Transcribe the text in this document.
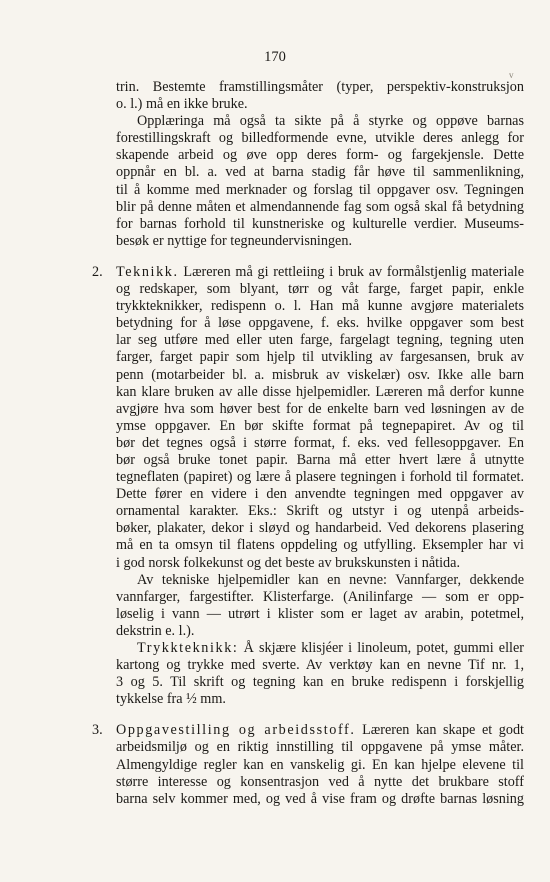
170
v
trin. Bestemte framstillingsmåter (typer, perspektiv-konstruksjon
o. l.) må en ikke bruke.
Opplæringa må også ta sikte på å styrke og oppøve barnas
forestillingskraft og billedformende evne, utvikle deres anlegg for
skapende arbeid og øve opp deres form- og fargekjensle. Dette
oppnår en bl. a. ved at barna stadig får høve til sammenlikning,
til å komme med merknader og forslag til oppgaver osv. Tegningen
blir på denne måten et almendannende fag som også skal få betydning
for barnas forhold til kunstneriske og kulturelle verdier. Museums-
besøk er nyttige for tegneundervisningen.
2. Teknikk. Læreren må gi rettleiing i bruk av formålstjenlig materiale
og redskaper, som blyant, tørr og våt farge, farget papir, enkle
trykkteknikker, redispenn o. l. Han må kunne avgjøre materialets
betydning for å løse oppgavene, f. eks. hvilke oppgaver som best
lar seg utføre med eller uten farge, fargelagt tegning, tegning uten
farger, farget papir som hjelp til utvikling av fargesansen, bruk av
penn (motarbeider bl. a. misbruk av viskelær) osv. Ikke alle barn
kan klare bruken av alle disse hjelpemidler. Læreren må derfor kunne
avgjøre hva som høver best for de enkelte barn ved løsningen av de
ymse oppgaver. En bør skifte format på tegnepapiret. Av og til
bør det tegnes også i større format, f. eks. ved fellesoppgaver. En
bør også bruke tonet papir. Barna må etter hvert lære å utnytte
tegneflaten (papiret) og lære å plasere tegningen i forhold til formatet.
Dette fører en videre i den anvendte tegningen med oppgaver av
ornamental karakter. Eks.: Skrift og utstyr i og utenpå arbeids-
bøker, plakater, dekor i sløyd og handarbeid. Ved dekorens plasering
må en ta omsyn til flatens oppdeling og utfylling. Eksempler har vi
i god norsk folkekunst og det beste av brukskunsten i nåtida.
Av tekniske hjelpemidler kan en nevne: Vannfarger, dekkende
vannfarger, fargestifter. Klisterfarge. (Anilinfarge — som er opp-
løselig i vann — utrørt i klister som er laget av arabin, potetmel,
dekstrin e. l.).
Trykkteknikk: Å skjære klisjéer i linoleum, potet, gummi eller
kartong og trykke med sverte. Av verktøy kan en nevne Tif nr. 1,
3 og 5. Til skrift og tegning kan en bruke redispenn i forskjellig
tykkelse fra ½ mm.
3. Oppgavestilling og arbeidsstoff. Læreren kan skape et godt
arbeidsmiljø og en riktig innstilling til oppgavene på ymse måter.
Almengyldige regler kan en vanskelig gi. En kan hjelpe elevene til
større interesse og konsentrasjon ved å nytte det brukbare stoff
barna selv kommer med, og ved å vise fram og drøfte barnas løsning
